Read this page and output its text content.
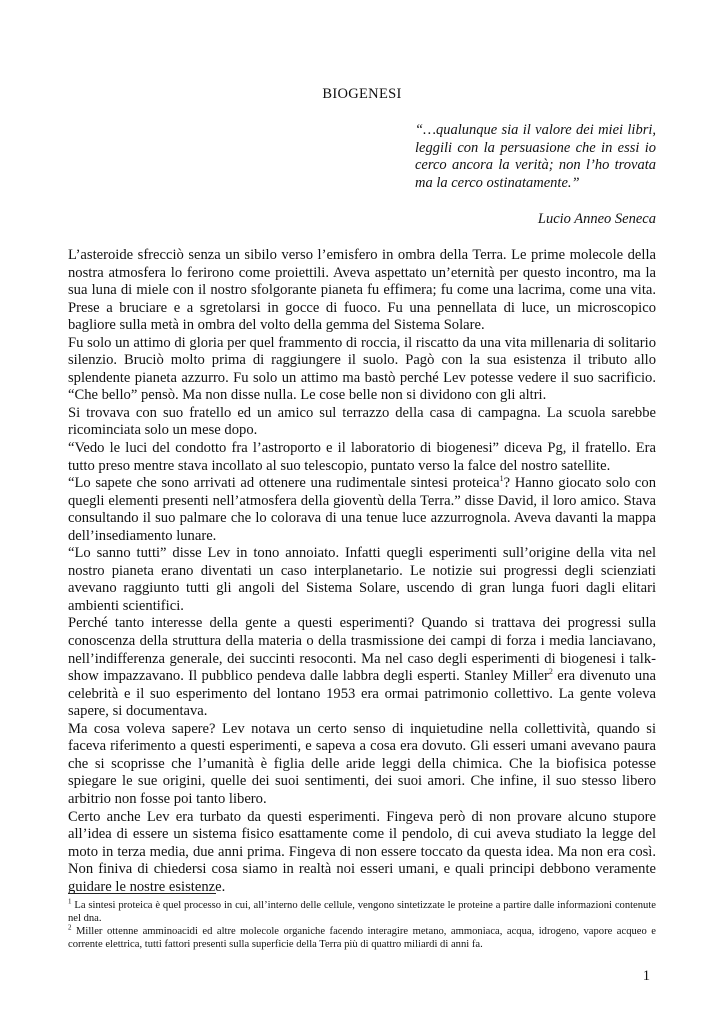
BIOGENESI
“…qualunque sia il valore dei miei libri, leggili con la persuasione che in essi io cerco ancora la verità; non l’ho trovata ma la cerco ostinatamente.”
Lucio Anneo Seneca

L’asteroide sfrecciò senza un sibilo verso l’emisfero in ombra della Terra. Le prime molecole della nostra atmosfera lo ferirono come proiettili. Aveva aspettato un’eternità per questo incontro, ma la sua luna di miele con il nostro sfolgorante pianeta fu effimera; fu come una lacrima, come una vita. Prese a bruciare e a sgretolarsi in gocce di fuoco. Fu una pennellata di luce, un microscopico bagliore sulla metà in ombra del volto della gemma del Sistema Solare.

Fu solo un attimo di gloria per quel frammento di roccia, il riscatto da una vita millenaria di solitario silenzio. Bruciò molto prima di raggiungere il suolo. Pagò con la sua esistenza il tributo allo splendente pianeta azzurro. Fu solo un attimo ma bastò perché Lev potesse vedere il suo sacrificio. “Che bello” pensò. Ma non disse nulla. Le cose belle non si dividono con gli altri.

Si trovava con suo fratello ed un amico sul terrazzo della casa di campagna. La scuola sarebbe ricominciata solo un mese dopo.

“Vedo le luci del condotto fra l’astroporto e il laboratorio di biogenesi” diceva Pg, il fratello. Era tutto preso mentre stava incollato al suo telescopio, puntato verso la falce del nostro satellite.

“Lo sapete che sono arrivati ad ottenere una rudimentale sintesi proteica$^1$? Hanno giocato solo con quegli elementi presenti nell’atmosfera della gioventù della Terra.” disse David, il loro amico. Stava consultando il suo palmare che lo colorava di una tenue luce azzurrognola. Aveva davanti la mappa dell’insediamento lunare.

“Lo sanno tutti” disse Lev in tono annoiato. Infatti quegli esperimenti sull’origine della vita nel nostro pianeta erano diventati un caso interplanetario. Le notizie sui progressi degli scienziati avevano raggiunto tutti gli angoli del Sistema Solare, uscendo di gran lunga fuori dagli elitari ambienti scientifici.

Perché tanto interesse della gente a questi esperimenti? Quando si trattava dei progressi sulla conoscenza della struttura della materia o della trasmissione dei campi di forza i media lanciavano, nell’indifferenza generale, dei succinti resoconti. Ma nel caso degli esperimenti di biogenesi i talk-show impazzavano. Il pubblico pendeva dalle labbra degli esperti. Stanley Miller$^2$ era divenuto una celebrità e il suo esperimento del lontano 1953 era ormai patrimonio collettivo. La gente voleva sapere, si documentava.

Ma cosa voleva sapere? Lev notava un certo senso di inquietudine nella collettività, quando si faceva riferimento a questi esperimenti, e sapeva a cosa era dovuto. Gli esseri umani avevano paura che si scoprisse che l’umanità è figlia delle aride leggi della chimica. Che la biofisica potesse spiegare le sue origini, quelle dei suoi sentimenti, dei suoi amori. Che infine, il suo stesso libero arbitrio non fosse poi tanto libero.

Certo anche Lev era turbato da questi esperimenti. Fingeva però di non provare alcuno stupore all’idea di essere un sistema fisico esattamente come il pendolo, di cui aveva studiato la legge del moto in terza media, due anni prima. Fingeva di non essere toccato da questa idea. Ma non era così. Non finiva di chiedersi cosa siamo in realtà noi esseri umani, e quali principi debbono veramente guidare le nostre esistenze.

$^1$ La sintesi proteica è quel processo in cui, all’interno delle cellule, vengono sintetizzate le proteine a partire dalle informazioni contenute nel dna.

$^2$ Miller ottenne amminoacidi ed altre molecole organiche facendo interagire metano, ammoniaca, acqua, idrogeno, vapore acqueo e corrente elettrica, tutti fattori presenti sulla superficie della Terra più di quattro miliardi di anni fa.

1
